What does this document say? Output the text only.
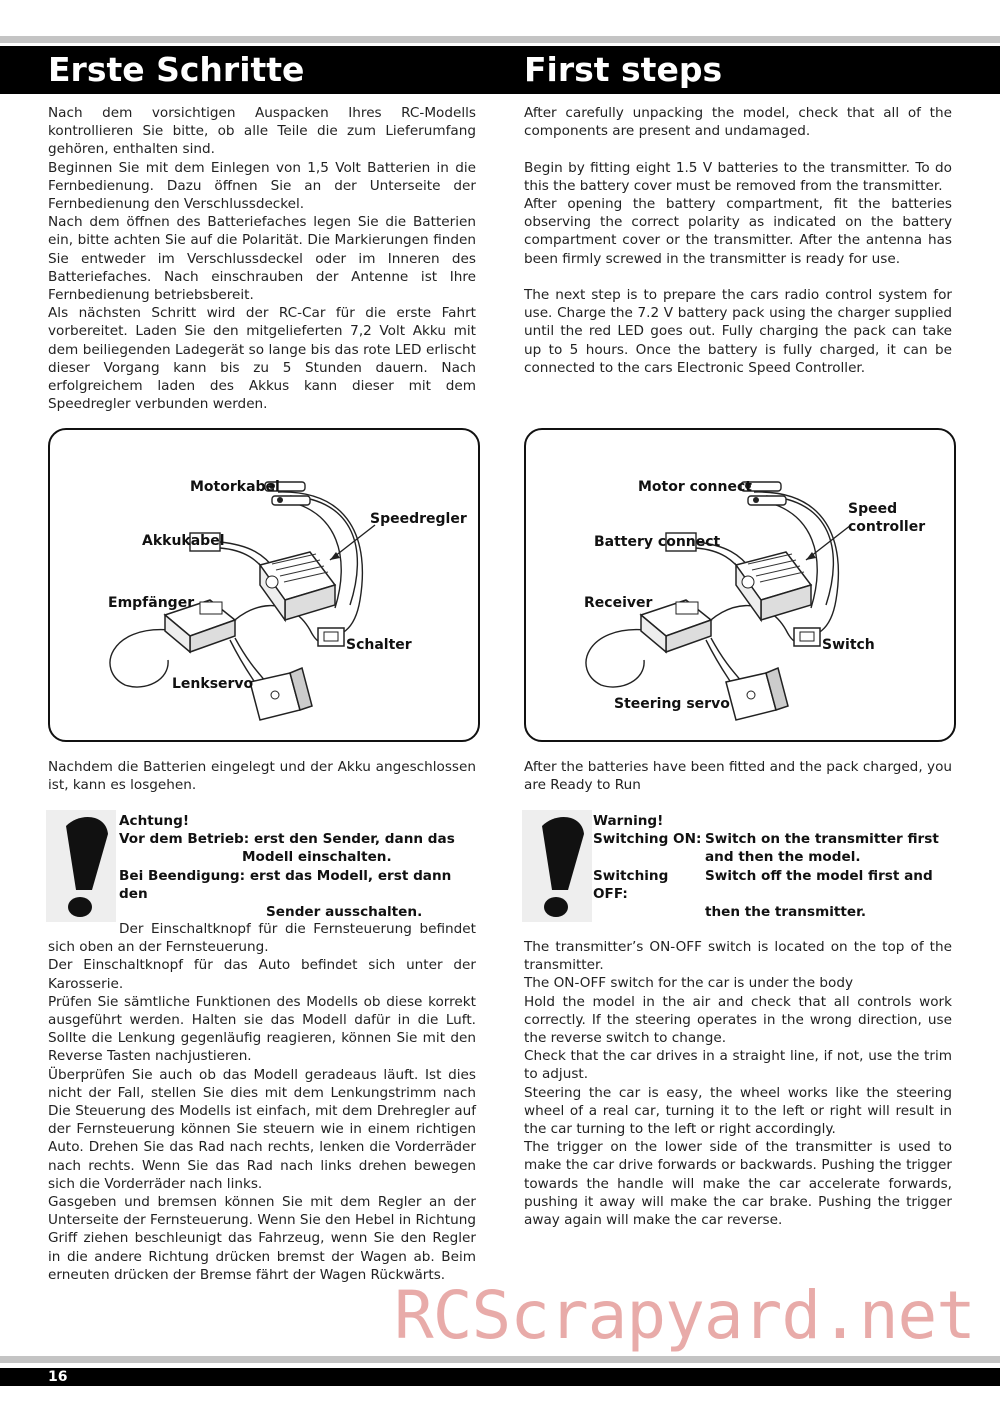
Erste Schritte	First steps

Nach dem vorsichtigen Auspacken Ihres RC-Modells kontrollieren Sie bitte, ob alle Teile die zum Lieferumfang gehören, enthalten sind.

Beginnen Sie mit dem Einlegen von 1,5 Volt Batterien in die Fernbedienung. Dazu öffnen Sie an der Unterseite der Fernbedienung den Verschlussdeckel.

Nach dem öffnen des Batteriefaches legen Sie die Batterien ein, bitte achten Sie auf die Polarität. Die Markierungen finden Sie entweder im Verschlussdeckel oder im Inneren des Batteriefaches. Nach einschrauben der Antenne ist Ihre Fernbedienung betriebsbereit.

Als nächsten Schritt wird der RC-Car für die erste Fahrt vorbereitet. Laden Sie den mitgelieferten 7,2 Volt Akku mit dem beiliegenden Ladegerät so lange bis das rote LED erlischt dieser Vorgang kann bis zu 5 Stunden dauern. Nach erfolgreichem laden des Akkus kann dieser mit dem Speedregler verbunden werden.

After carefully unpacking the model, check that all of the components are present and undamaged.

Begin by fitting eight 1.5 V batteries to the transmitter. To do this the battery cover must be removed from the transmitter.

After opening the battery compartment, fit the batteries observing the correct polarity as indicated on the battery compartment cover or the transmitter. After the antenna has been firmly screwed in the transmitter is ready for use.

The next step is to prepare the cars radio control system for use. Charge the 7.2 V battery pack using the charger supplied until the red LED goes out. Fully charging the pack can take up to 5 hours. Once the battery is fully charged, it can be connected to the cars Electronic Speed Controller.

Motorkabel
Speedregler
Akkukabel
Empfänger
Schalter
Lenkservo
Motor connect
Speed
controller
Battery connect
Receiver
Switch
Steering servo

Nachdem die Batterien eingelegt und der Akku angeschlossen ist, kann es losgehen.

After the batteries have been fitted and the pack charged, you are Ready to Run

Achtung!
Vor dem Betrieb: erst den Sender, dann das
Modell einschalten.
Bei Beendigung: erst das Modell, erst dann den
Sender ausschalten.
Warning!
Switching ON: Switch on the transmitter first
and then the model.
Switching OFF:
Switch off the model first and
then the transmitter.

Der Einschaltknopf für die Fernsteuerung befindet sich oben an der Fernsteuerung.

Der Einschaltknopf für das Auto befindet sich unter der Karosserie.

Prüfen Sie sämtliche Funktionen des Modells ob diese korrekt ausgeführt werden. Halten sie das Modell dafür in die Luft. Sollte die Lenkung gegenläufig reagieren, können Sie mit den Reverse Tasten nachjustieren.

Überprüfen Sie auch ob das Modell geradeaus läuft. Ist dies nicht der Fall, stellen Sie dies mit dem Lenkungstrimm nach Die Steuerung des Modells ist einfach, mit dem Drehregler auf der Fernsteuerung können Sie steuern wie in einem richtigen Auto. Drehen Sie das Rad nach rechts, lenken die Vorderräder nach rechts. Wenn Sie das Rad nach links drehen bewegen sich die Vorderräder nach links.

Gasgeben und bremsen können Sie mit dem Regler an der Unterseite der Fernsteuerung. Wenn Sie den Hebel in Richtung Griff ziehen beschleunigt das Fahrzeug, wenn Sie den Regler in die andere Richtung drücken bremst der Wagen ab. Beim erneuten drücken der Bremse fährt der Wagen Rückwärts.

The transmitter’s ON-OFF switch is located on the top of the transmitter.

The ON-OFF switch for the car is under the body

Hold the model in the air and check that all controls work correctly. If the steering operates in the wrong direction, use the reverse switch to change.

Check that the car drives in a straight line, if not, use the trim to adjust.

Steering the car is easy, the wheel works like the steering wheel of a real car, turning it to the left or right will result in the car turning to the left or right accordingly.

The trigger on the lower side of the transmitter is used to make the car drive forwards or backwards. Pushing the trigger towards the handle will make the car accelerate forwards, pushing it away will make the car brake. Pushing the trigger away again will make the car reverse.

RCScrapyard.net
16
